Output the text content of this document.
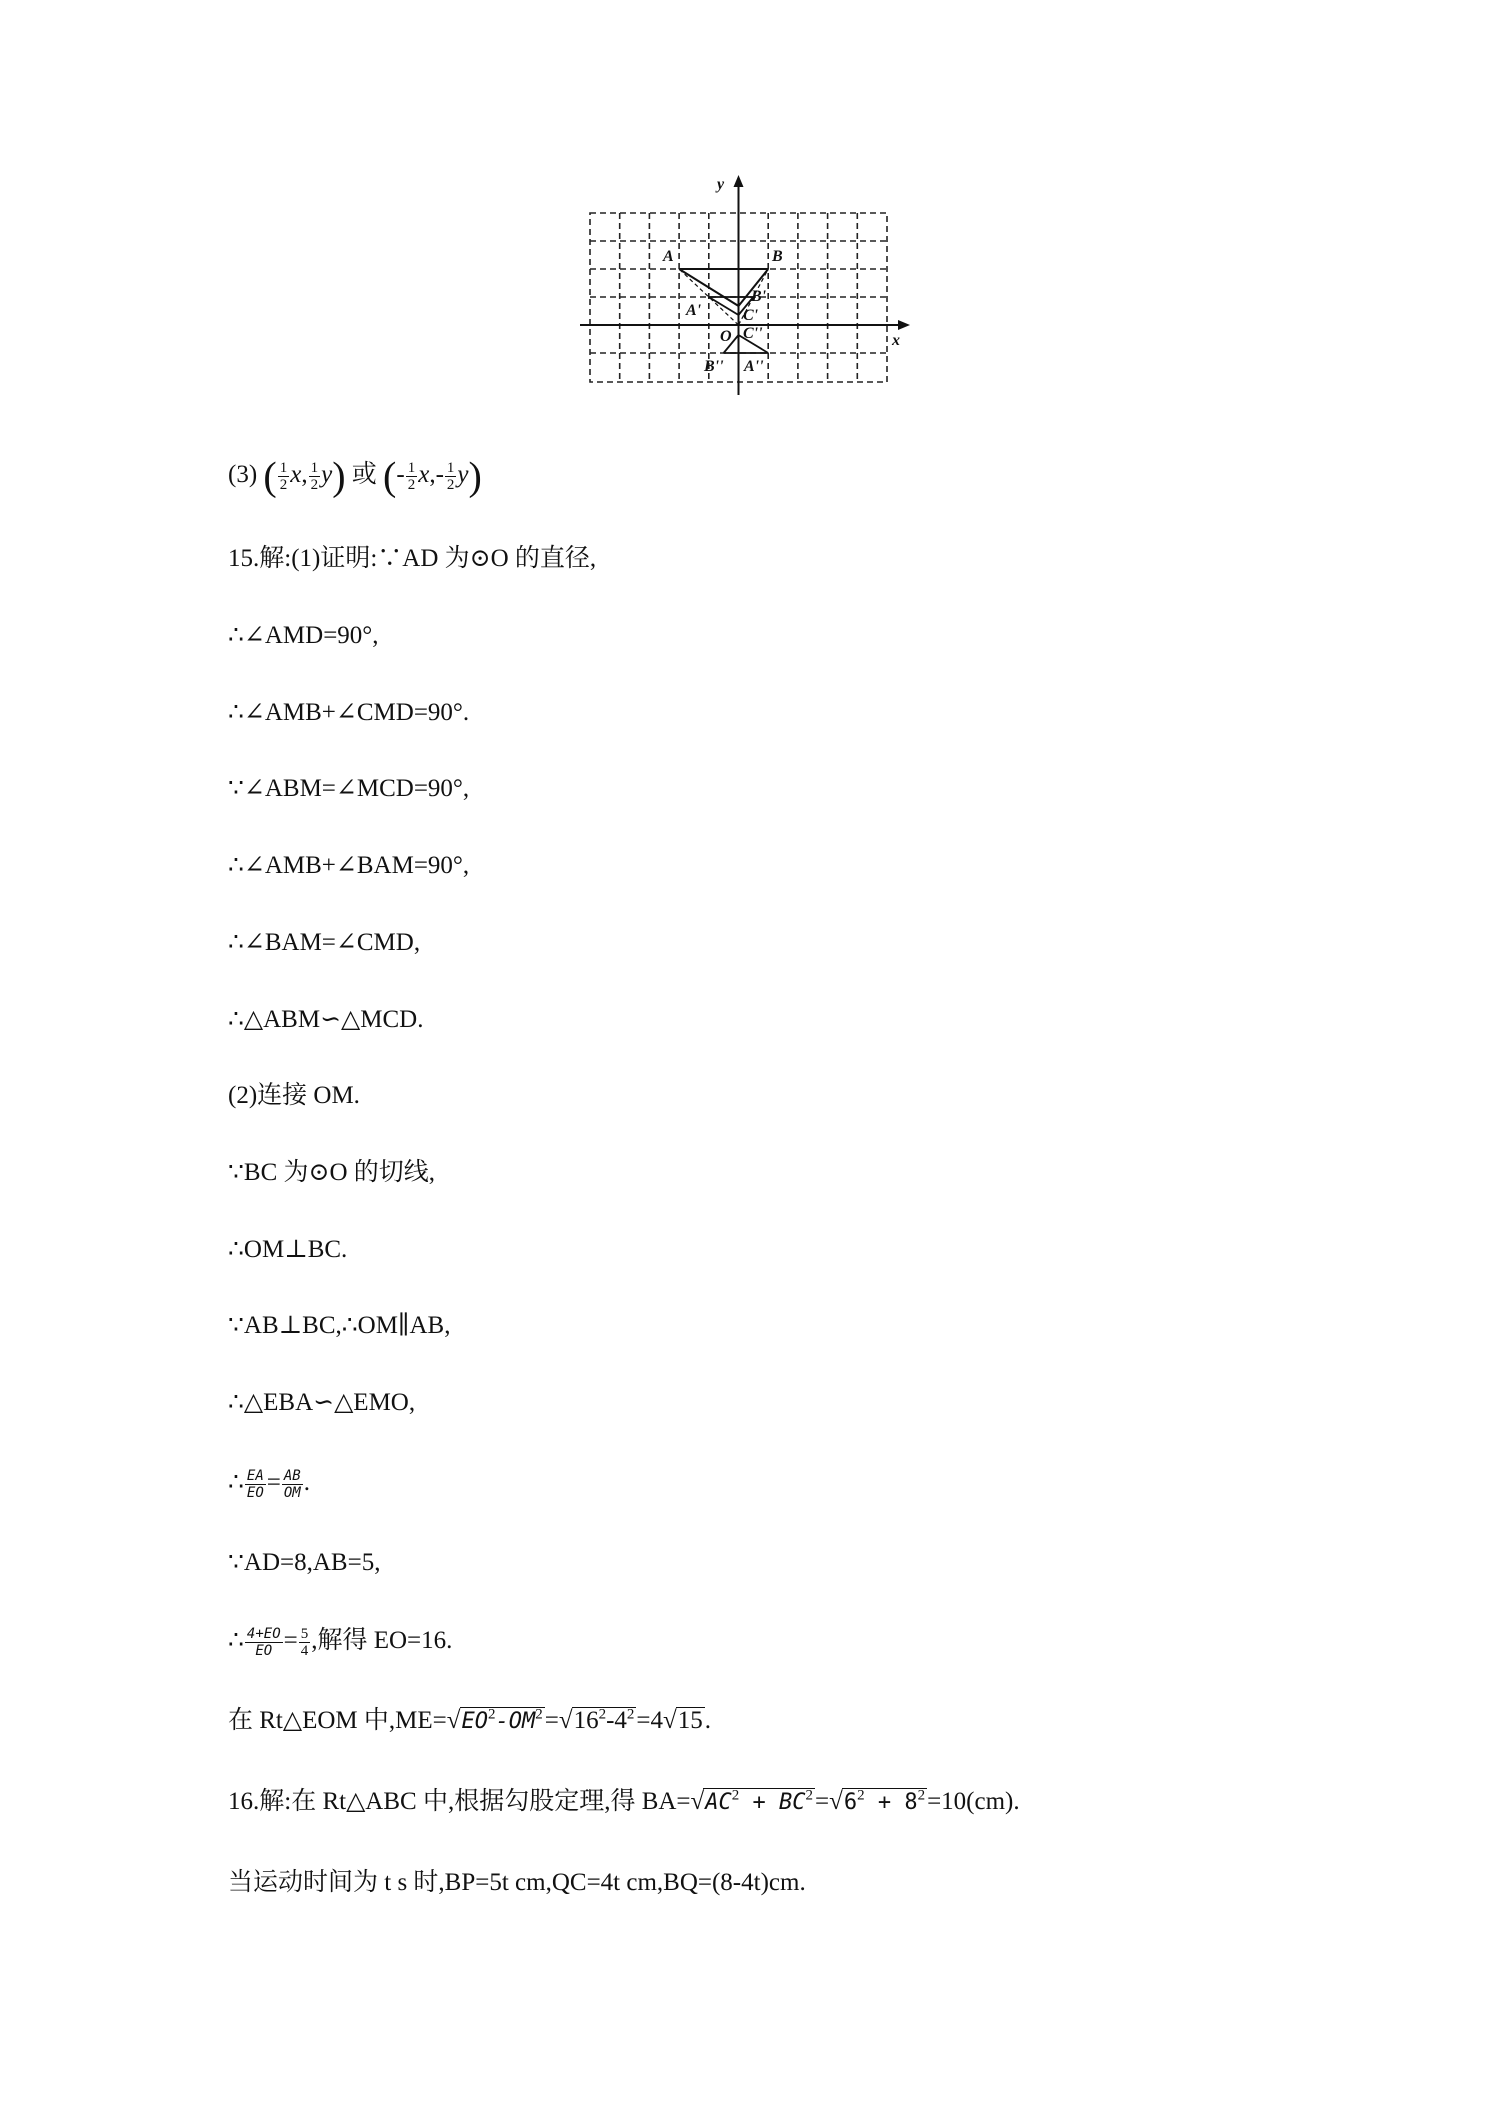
y
x
A	B
A'
B'
C'
O C''
B'' A''
(3) ( $\frac{1}{2} x$, $\frac{1}{2} y$) 或 (- $\frac{1}{2} x,- \frac{1}{2} y$)
15.解:(1)证明:∵AD 为⊙O 的直径,
∴∠AMD=90°,
∴∠AMB+∠CMD=90°.
∵∠ABM=∠MCD=90°,
∴∠AMB+∠BAM=90°,
∴∠BAM=∠CMD,
∴△ABM∽△MCD.
(2)连接 OM.
∵BC 为⊙O 的切线,
∴OM⊥BC.
∵AB⊥BC,∴OM∥AB,
∴△EBA∽△EMO,
∴ $\frac{EA}{EO} = \frac{AB}{OM}$ .
∵AD=8,AB=5,
∴ $\frac{4+EO}{EO} = \frac{5}{4}$ ,解得 EO=16.
在 Rt△EOM 中$,ME=√EO^2-OM^2=√16^2-4^2=4√15$.
16.解:在 Rt△ABC 中,根据勾股定理,得 $BA=√AC^2 + BC^2=√6^2 + 8^2=10(cm)$.
当运动时间为 t s 时,BP=5t cm,QC=4t cm,BQ=(8-4t)cm.
